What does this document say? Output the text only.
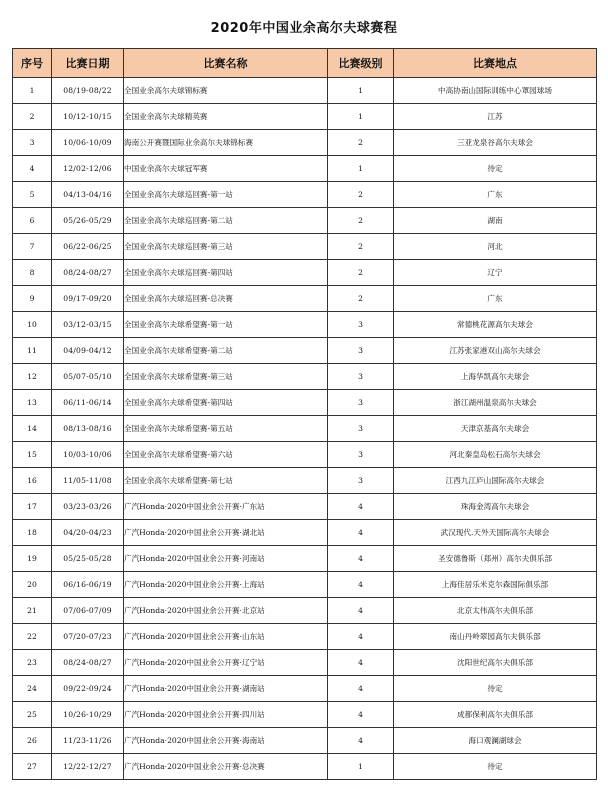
2020年中国业余高尔夫球赛程
序号	比赛日期	比赛名称	比赛级别	比赛地点
1	08/19-08/22	全国业余高尔夫球锦标赛	1	中高协南山国际训练中心罩园球场
2	10/12-10/15	全国业余高尔夫球精英赛	1	江苏
3	10/06-10/09	海南公开赛暨国际业余高尔夫球锦标赛	2	三亚龙泉谷高尔夫球会
4	12/02-12/06	中国业余高尔夫球冠军赛	1	待定
5	04/13-04/16	全国业余高尔夫球巡回赛-第一站	2	广东
6	05/26-05/29	全国业余高尔夫球巡回赛-第二站	2	湖南
7	06/22-06/25	全国业余高尔夫球巡回赛-第三站	2	河北
8	08/24-08/27	全国业余高尔夫球巡回赛-第四站	2	辽宁
9	09/17-09/20	全国业余高尔夫球巡回赛-总决赛	2	广东
10	03/12-03/15	全国业余高尔夫球希望赛-第一站	3	常德桃花源高尔夫球会
11	04/09-04/12	全国业余高尔夫球希望赛-第二站	3	江苏张家港双山高尔夫球会
12	05/07-05/10	全国业余高尔夫球希望赛-第三站	3	上海华凯高尔夫球会
13	06/11-06/14	全国业余高尔夫球希望赛-第四站	3	浙江湖州温泉高尔夫球会
14	08/13-08/16	全国业余高尔夫球希望赛-第五站	3	天津京基高尔夫球会
15	10/03-10/06	全国业余高尔夫球希望赛-第六站	3	河北秦皇岛松石高尔夫球会
16	11/05-11/08	全国业余高尔夫球希望赛-第七站	3	江西九江庐山国际高尔夫球会
17	03/23-03/26	广汽Honda·2020中国业余公开赛·广东站	4	珠海金湾高尔夫球会
18	04/20-04/23	广汽Honda·2020中国业余公开赛·湖北站	4	武汉现代.天外天国际高尔夫球会
19	05/25-05/28	广汽Honda·2020中国业余公开赛·河南站	4	圣安德鲁斯（郑州）高尔夫俱乐部
20	06/16-06/19	广汽Honda·2020中国业余公开赛·上海站	4	上海佳居乐米克尔森国际俱乐部
21	07/06-07/09	广汽Honda·2020中国业余公开赛·北京站	4	北京太伟高尔夫俱乐部
22	07/20-07/23	广汽Honda·2020中国业余公开赛·山东站	4	南山丹岭翠园高尔夫俱乐部
23	08/24-08/27	广汽Honda·2020中国业余公开赛·辽宁站	4	沈阳世纪高尔夫俱乐部
24	09/22-09/24	广汽Honda·2020中国业余公开赛·湖南站	4	待定
25	10/26-10/29	广汽Honda·2020中国业余公开赛·四川站	4	成都保利高尔夫俱乐部
26	11/23-11/26	广汽Honda·2020中国业余公开赛·海南站	4	海口观澜湖球会
27	12/22-12/27	广汽Honda·2020中国业余公开赛·总决赛	1	待定
